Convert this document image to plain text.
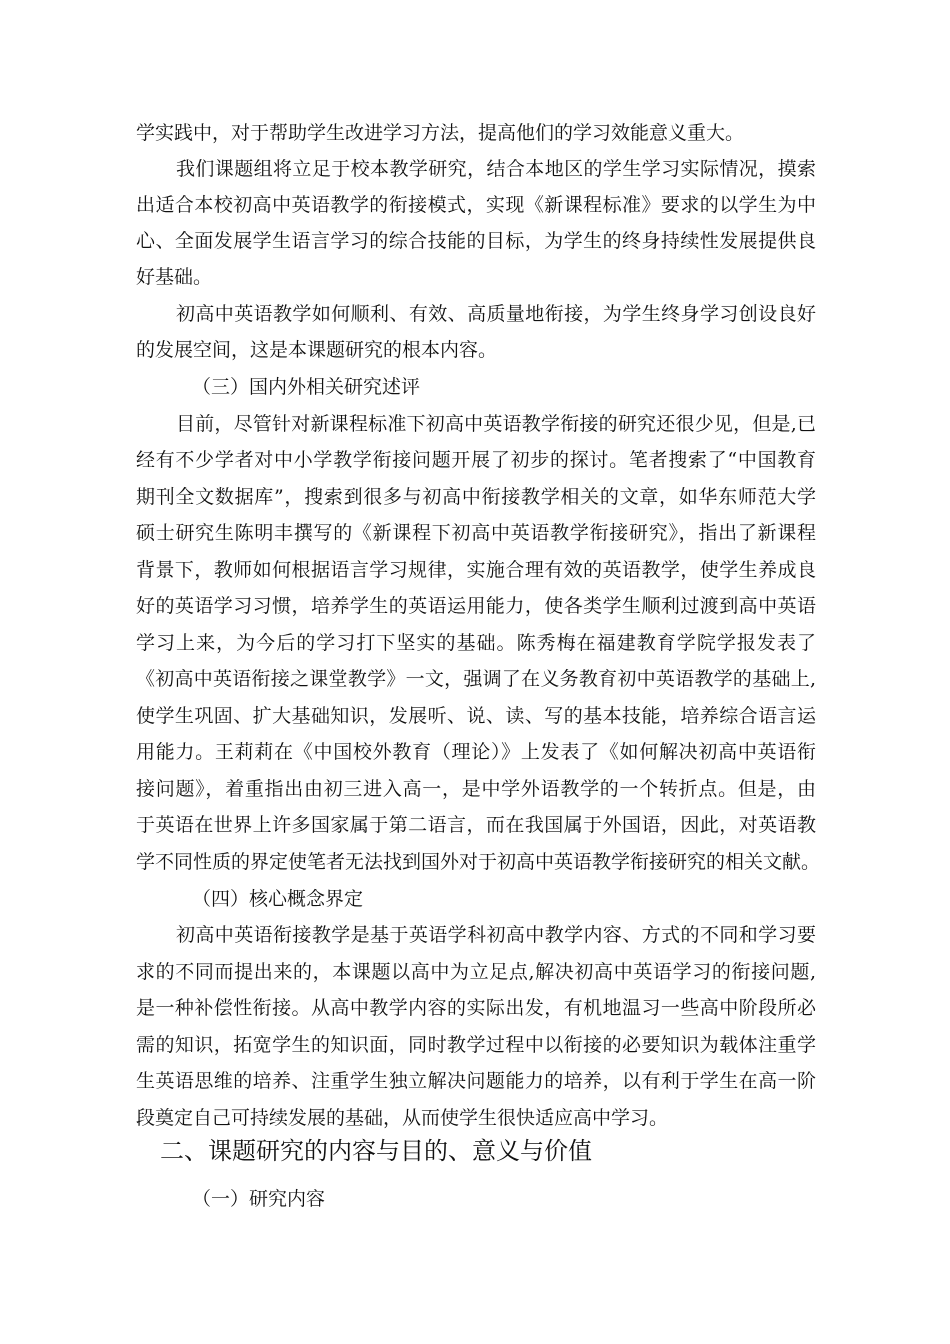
学实践中，对于帮助学生改进学习方法，提高他们的学习效能意义重大。
我们课题组将立足于校本教学研究，结合本地区的学生学习实际情况，摸索
出适合本校初高中英语教学的衔接模式，实现《新课程标准》要求的以学生为中
心、全面发展学生语言学习的综合技能的目标，为学生的终身持续性发展提供良
好基础。
初高中英语教学如何顺利、有效、高质量地衔接，为学生终身学习创设良好
的发展空间，这是本课题研究的根本内容。
（三）国内外相关研究述评
目前，尽管针对新课程标准下初高中英语教学衔接的研究还很少见，但是,已
经有不少学者对中小学教学衔接问题开展了初步的探讨。笔者搜索了“中国教育
期刊全文数据库”，搜索到很多与初高中衔接教学相关的文章，如华东师范大学
硕士研究生陈明丰撰写的《新课程下初高中英语教学衔接研究》，指出了新课程
背景下，教师如何根据语言学习规律，实施合理有效的英语教学，使学生养成良
好的英语学习习惯，培养学生的英语运用能力，使各类学生顺利过渡到高中英语
学习上来，为今后的学习打下坚实的基础。陈秀梅在福建教育学院学报发表了
《初高中英语衔接之课堂教学》一文，强调了在义务教育初中英语教学的基础上,
使学生巩固、扩大基础知识，发展听、说、读、写的基本技能，培养综合语言运
用能力。王莉莉在《中国校外教育（理论）》上发表了《如何解决初高中英语衔
接问题》，着重指出由初三进入高一，是中学外语教学的一个转折点。但是，由
于英语在世界上许多国家属于第二语言，而在我国属于外国语，因此，对英语教
学不同性质的界定使笔者无法找到国外对于初高中英语教学衔接研究的相关文献。
（四）核心概念界定
初高中英语衔接教学是基于英语学科初高中教学内容、方式的不同和学习要
求的不同而提出来的，本课题以高中为立足点,解决初高中英语学习的衔接问题,
是一种补偿性衔接。从高中教学内容的实际出发，有机地温习一些高中阶段所必
需的知识，拓宽学生的知识面，同时教学过程中以衔接的必要知识为载体注重学
生英语思维的培养、注重学生独立解决问题能力的培养，以有利于学生在高一阶
段奠定自己可持续发展的基础，从而使学生很快适应高中学习。
二、课题研究的内容与目的、意义与价值
（一）研究内容
